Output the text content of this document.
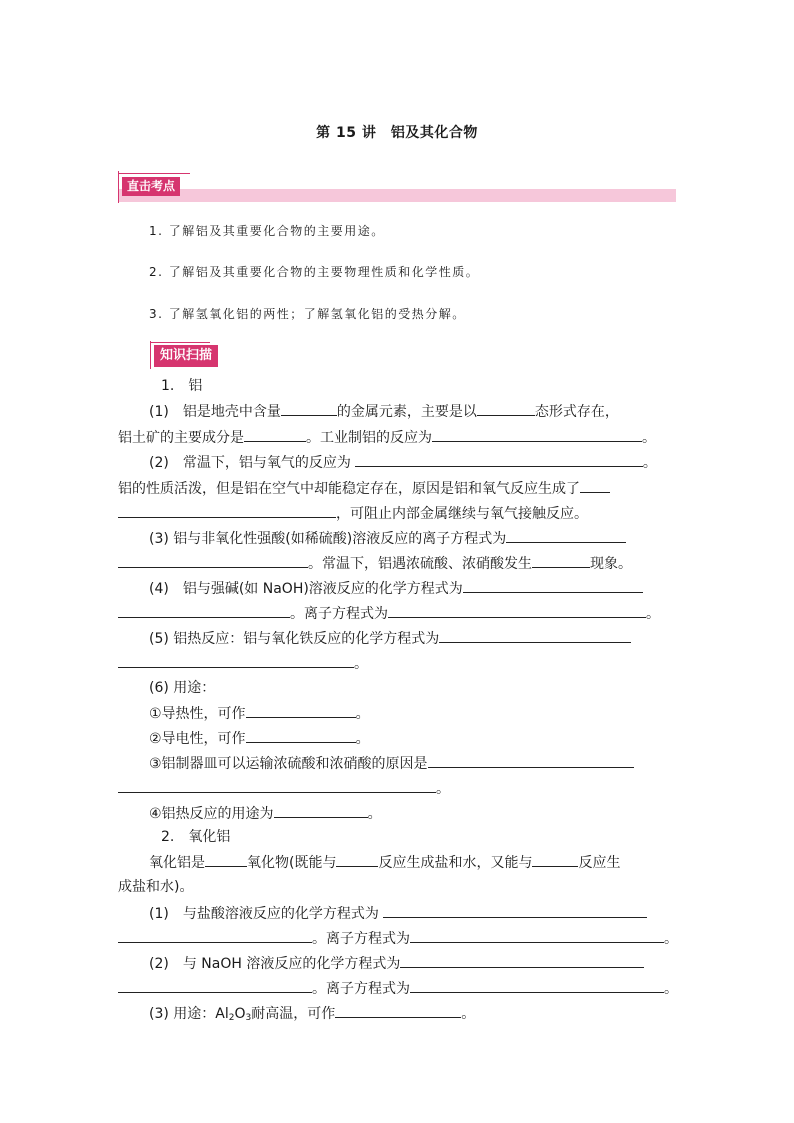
第 15 讲　铝及其化合物
直击考点
1. 了解铝及其重要化合物的主要用途。
2. 了解铝及其重要化合物的主要物理性质和化学性质。
3. 了解氢氧化铝的两性；了解氢氧化铝的受热分解。
知识扫描
1.　铝
(1)　铝是地壳中含量	的金属元素，主要是以	态形式存在，
铝土矿的主要成分是	。工业制铝的反应为	。
(2)　常温下，铝与氧气的反应为	。
铝的性质活泼，但是铝在空气中却能稳定存在，原因是铝和氧气反应生成了
，可阻止内部金属继续与氧气接触反应。
(3) 铝与非氧化性强酸(如稀硫酸)溶液反应的离子方程式为
。常温下，铝遇浓硫酸、浓硝酸发生	现象。
(4)　铝与强碱(如 NaOH)溶液反应的化学方程式为
。离子方程式为	。
(5) 铝热反应：铝与氧化铁反应的化学方程式为
。
(6) 用途：
①导热性，可作	。
②导电性，可作	。
③铝制器皿可以运输浓硫酸和浓硝酸的原因是
。
④铝热反应的用途为	。
2.　氧化铝
氧化铝是	氧化物(既能与	反应生成盐和水，又能与	反应生
成盐和水)。
(1)　与盐酸溶液反应的化学方程式为
。离子方程式为	。
(2)　与 NaOH 溶液反应的化学方程式为
。离子方程式为	。
(3) 用途：$Al_2O_3$耐高温，可作	。
